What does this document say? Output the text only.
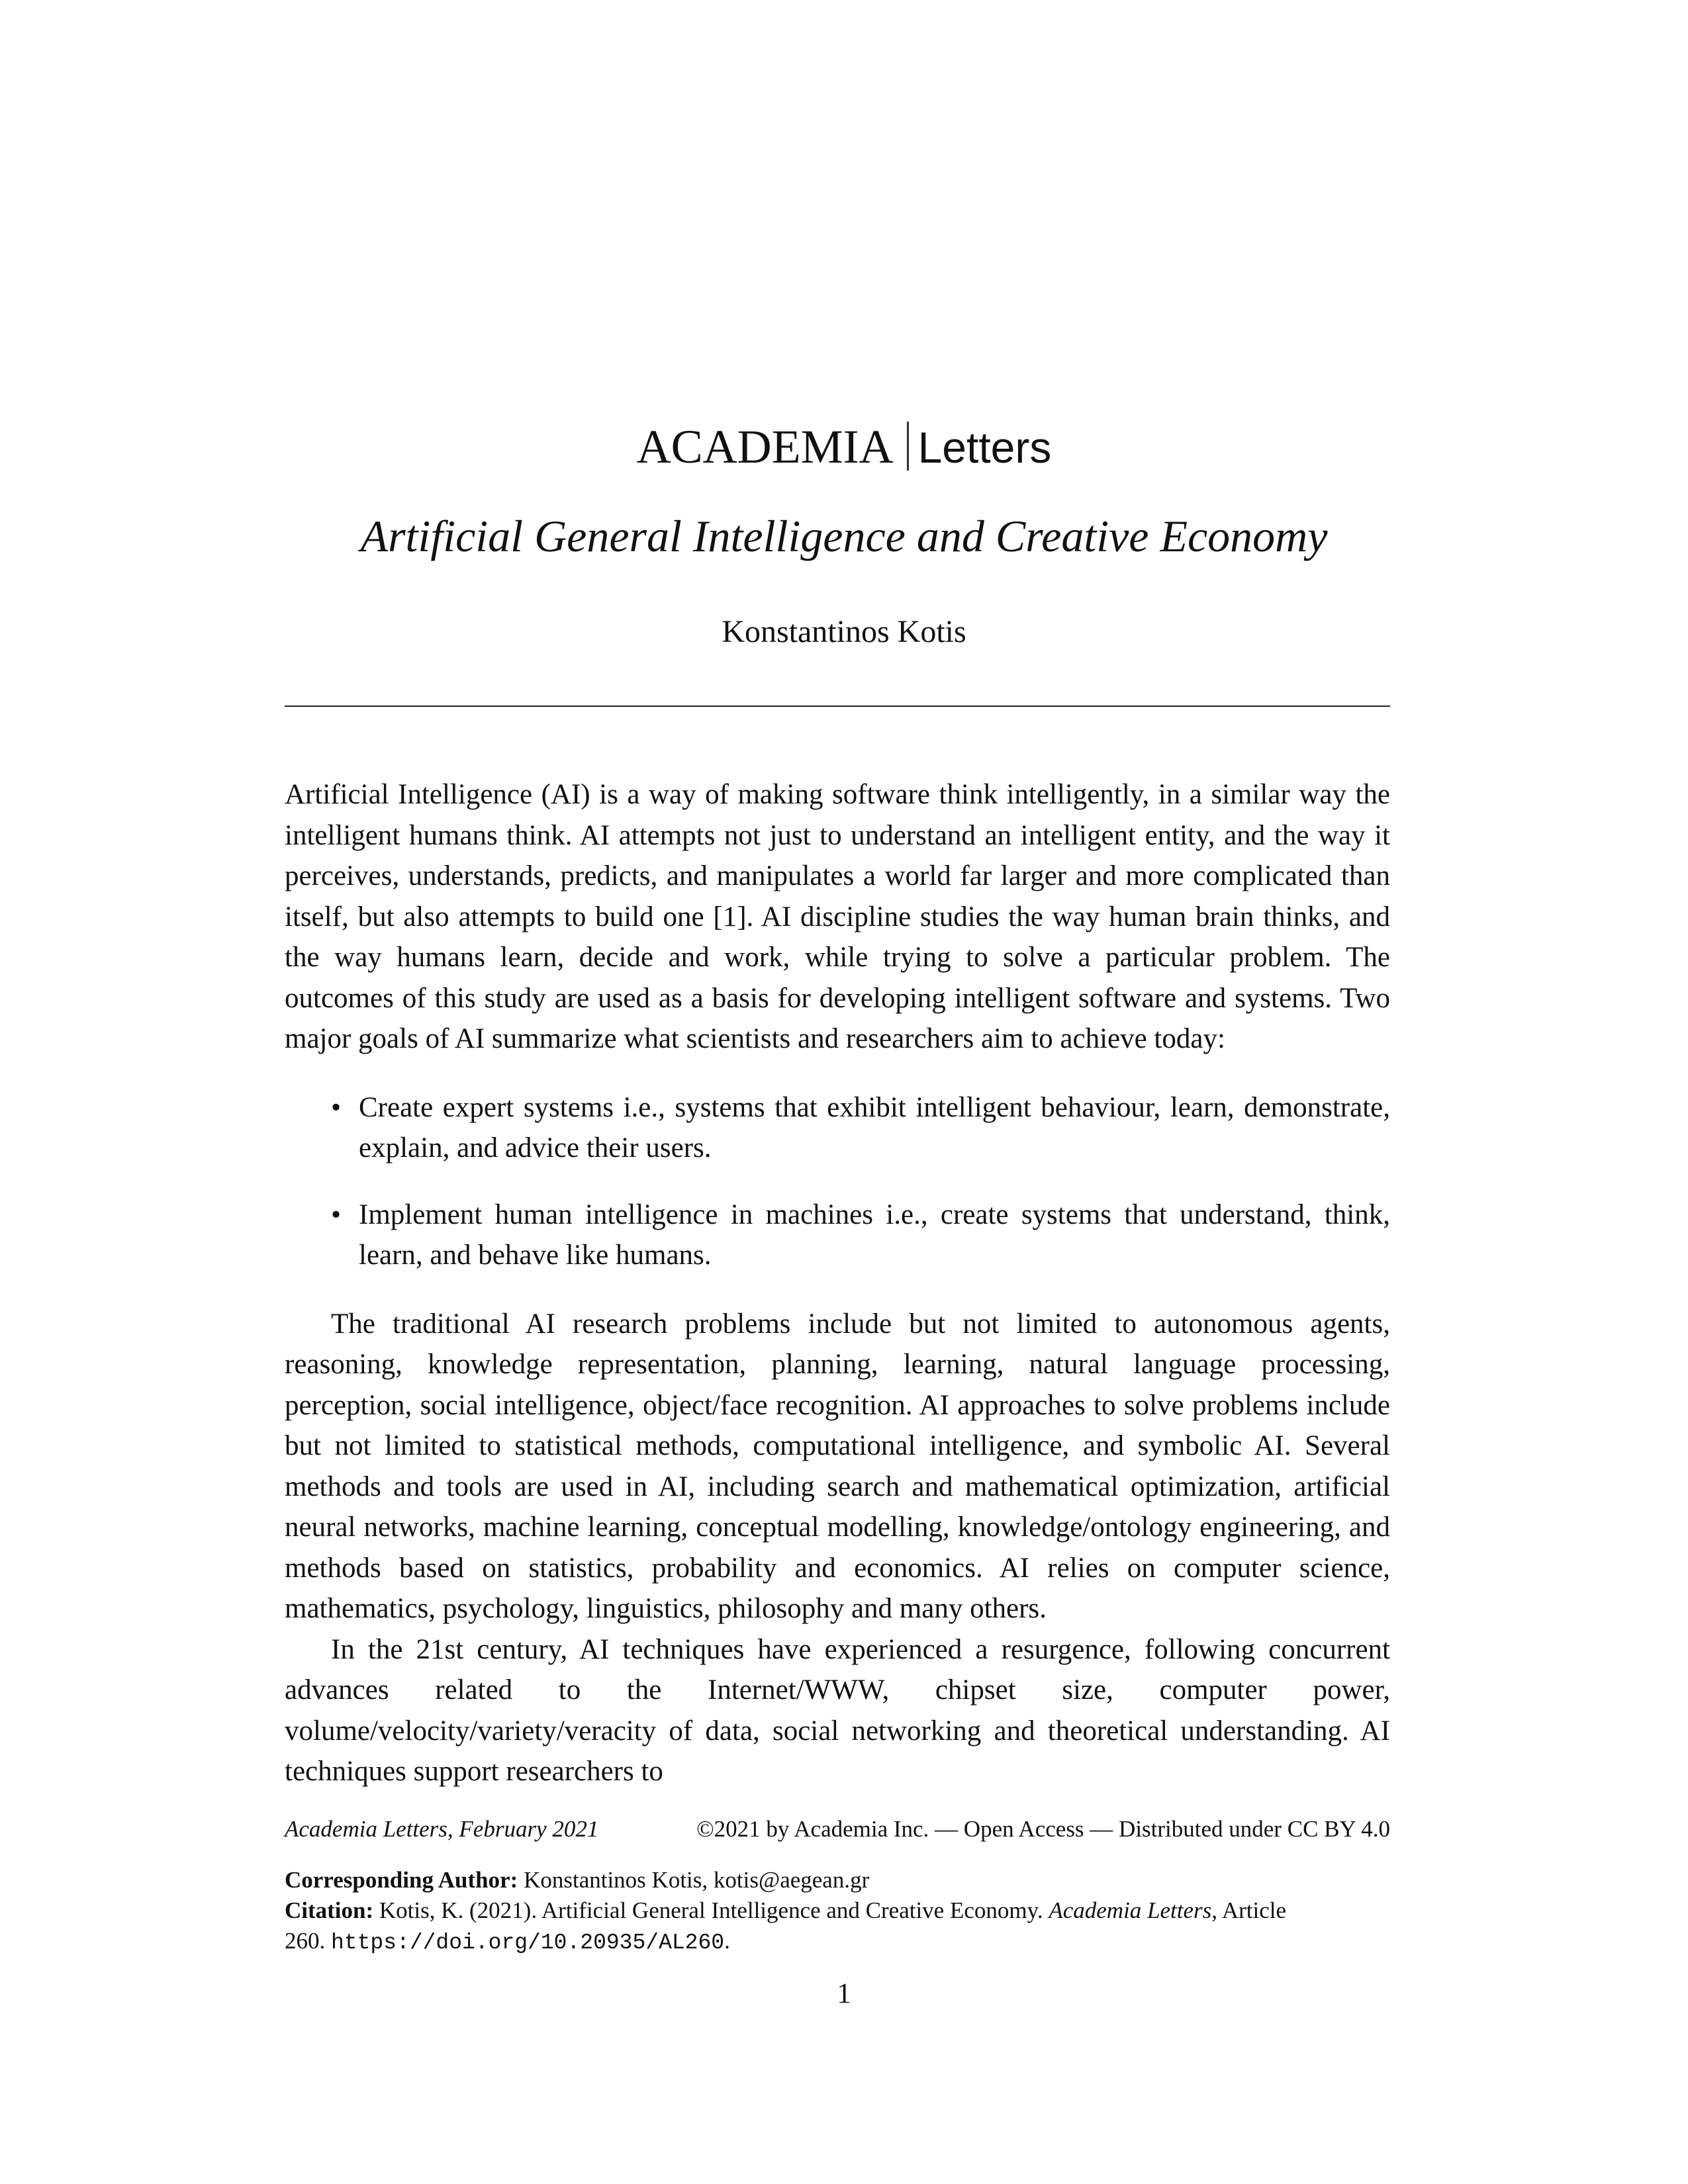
ACADEMIA Letters
Artificial General Intelligence and Creative Economy
Konstantinos Kotis

Artificial Intelligence (AI) is a way of making software think intelligently, in a similar way the intelligent humans think. AI attempts not just to understand an intelligent entity, and the way it perceives, understands, predicts, and manipulates a world far larger and more complicated than itself, but also attempts to build one [1]. AI discipline studies the way human brain thinks, and the way humans learn, decide and work, while trying to solve a particular problem. The outcomes of this study are used as a basis for developing intelligent software and systems. Two major goals of AI summarize what scientists and researchers aim to achieve today:

• Create expert systems i.e., systems that exhibit intelligent behaviour, learn, demonstrate, explain, and advice their users.
• Implement human intelligence in machines i.e., create systems that understand, think, learn, and behave like humans.

The traditional AI research problems include but not limited to autonomous agents, reasoning, knowledge representation, planning, learning, natural language processing, perception, social intelligence, object/face recognition. AI approaches to solve problems include but not limited to statistical methods, computational intelligence, and symbolic AI. Several methods and tools are used in AI, including search and mathematical optimization, artificial neural networks, machine learning, conceptual modelling, knowledge/ontology engineering, and methods based on statistics, probability and economics. AI relies on computer science, mathematics, psychology, linguistics, philosophy and many others.

In the 21st century, AI techniques have experienced a resurgence, following concurrent advances related to the Internet/WWW, chipset size, computer power, volume/velocity/variety/veracity of data, social networking and theoretical understanding. AI techniques support researchers to

Academia Letters, February 2021	©2021 by Academia Inc. — Open Access — Distributed under CC BY 4.0
Corresponding Author: Konstantinos Kotis, kotis@aegean.gr
Citation: Kotis, K. (2021). Artificial General Intelligence and Creative Economy. Academia Letters, Article
260. https://doi.org/10.20935/AL260.
1
